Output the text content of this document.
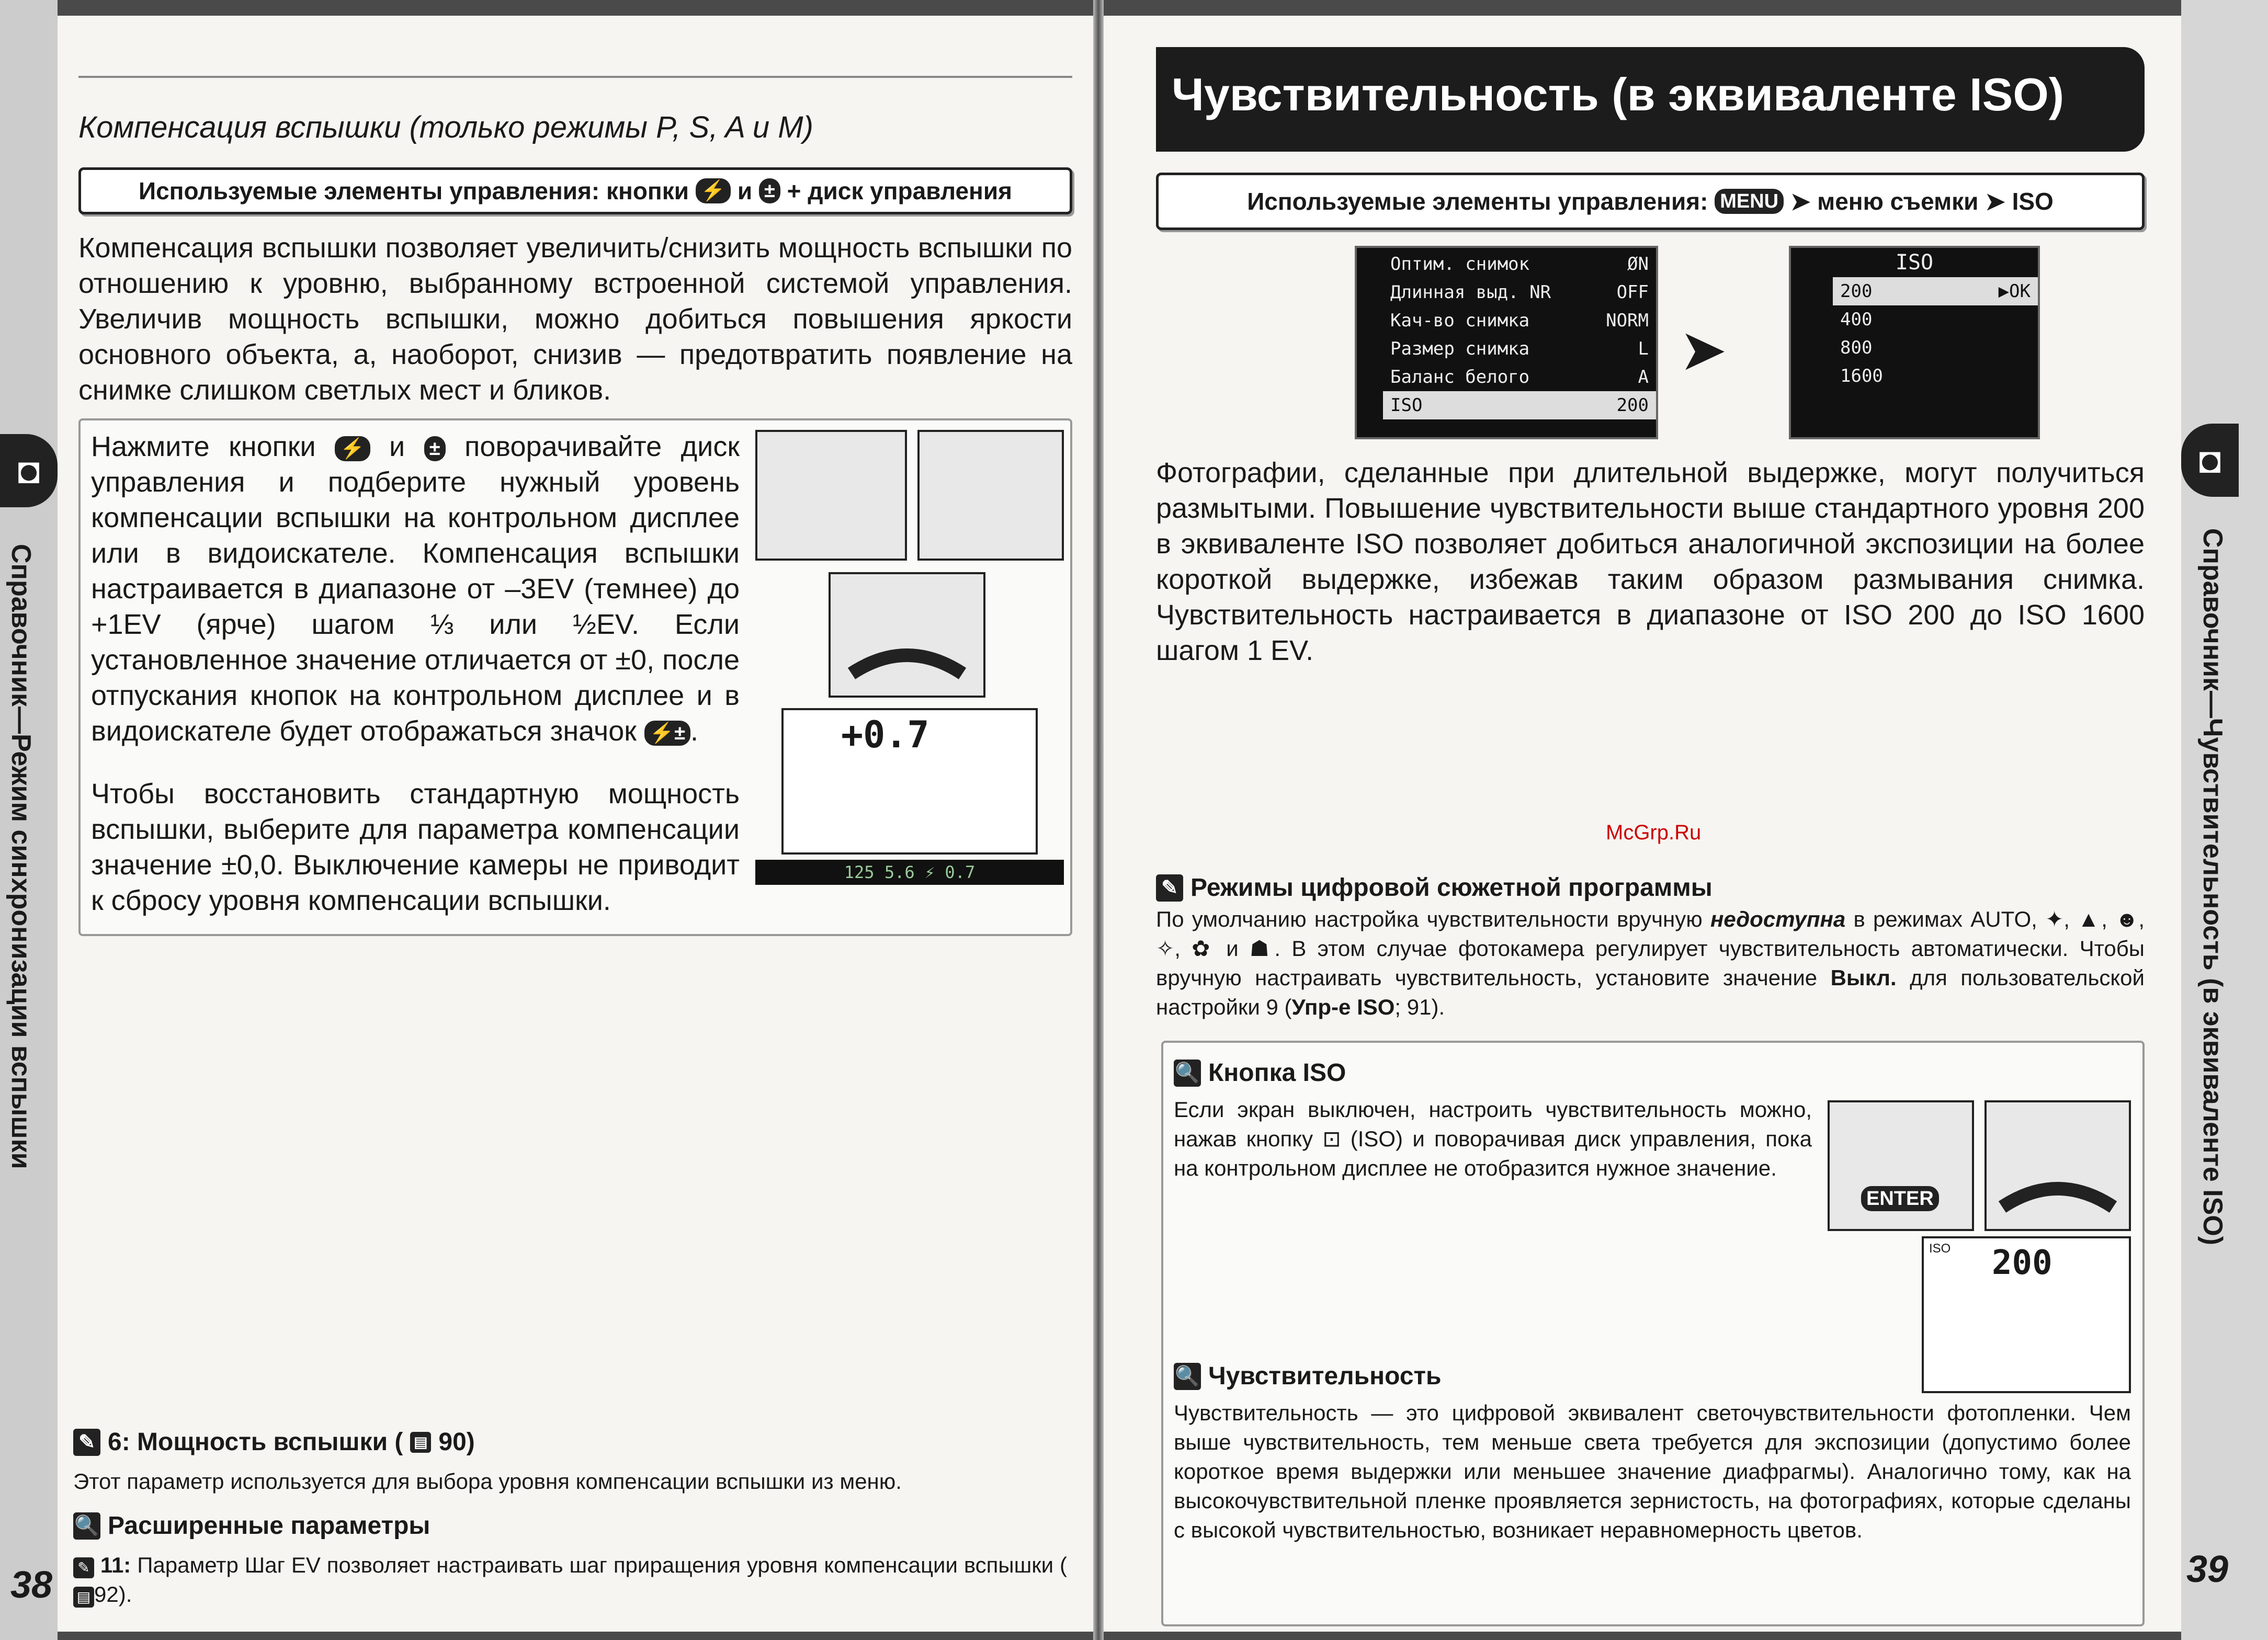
Компенсация вспышки (только режимы P, S, A и M)
Используемые элементы управления: кнопки
⚡
и
±
+ диск управления
Компенсация вспышки позволяет увеличить/снизить мощность вспышки по отношению к уровню, выбранному встроенной системой управления. Увеличив мощность вспышки, можно добиться повышения яркости основного объекта, а, наоборот, снизив — предотвратить появление на снимке слишком светлых мест и бликов.
Нажмите кнопки ⚡ и ± поворачивайте диск управления и подберите нужный уровень компенсации вспышки на контрольном дисплее или в видоискателе. Компенсация вспышки настраивается в диапазоне от –3EV (темнее) до +1EV (ярче) шагом ⅓ или ½EV. Если установленное значение отличается от ±0, после отпускания кнопок на контрольном дисплее и в видоискателе будет отображаться значок ⚡± .
Чтобы восстановить стандартную мощность вспышки, выберите для параметра компенсации значение ±0,0. Выключение камеры не приводит к сбросу уровня компенсации вспышки.
+0.7
125 5.6 ⚡ 0.7
✎ 6: Мощность вспышки ( ▤ 90)
Этот параметр используется для выбора уровня компенсации вспышки из меню.
🔍 Расширенные параметры
✎ 11: Параметр Шаг EV позволяет настраивать шаг приращения уровня компенсации вспышки (▤ 92).
◘
Справочник—Режим синхронизации вспышки
38
Чувствительность (в эквиваленте ISO)
Используемые элементы управления:
MENU
➤ меню съемки ➤ ISO
Оптим. снимок	ØN
Длинная выд. NR	OFF
Кач-во снимка	NORM
Размер снимка	L
Баланс белого	A
ISO	200
➤
ISO
200	▶OK
400
800
1600
Фотографии, сделанные при длительной выдержке, могут получиться размытыми. Повышение чувствительности выше стандартного уровня 200 в эквиваленте ISO позволяет добиться аналогичной экспозиции на более короткой выдержке, избежав таким образом размывания снимка. Чувствительность настраивается в диапазоне от ISO 200 до ISO 1600 шагом 1 EV.
McGrp.Ru
✎ Режимы цифровой сюжетной программы
По умолчанию настройка чувствительности вручную недоступна в режимах AUTO, ✦, ▲, ☻, ✧, ✿ и ☗. В этом случае фотокамера регулирует чувствительность автоматически. Чтобы вручную настраивать чувствительность, установите значение Выкл. для пользовательской настройки 9 (Упр-е ISO; 91).
🔍 Кнопка ISO
Если экран выключен, настроить чувствительность можно, нажав кнопку ⊡ (ISO) и поворачивая диск управления, пока на контрольном дисплее не отобразится нужное значение.
ENTER
ISO 200
🔍 Чувствительность
Чувствительность — это цифровой эквивалент светочувствительности фотопленки. Чем выше чувствительность, тем меньше света требуется для экспозиции (допустимо более короткое время выдержки или меньшее значение диафрагмы). Аналогично тому, как на высокочувствительной пленке проявляется зернистость, на фотографиях, которые сделаны с высокой чувствительностью, возникает неравномерность цветов.
◘
Справочник—Чувствительность (в эквиваленте ISO)
39
